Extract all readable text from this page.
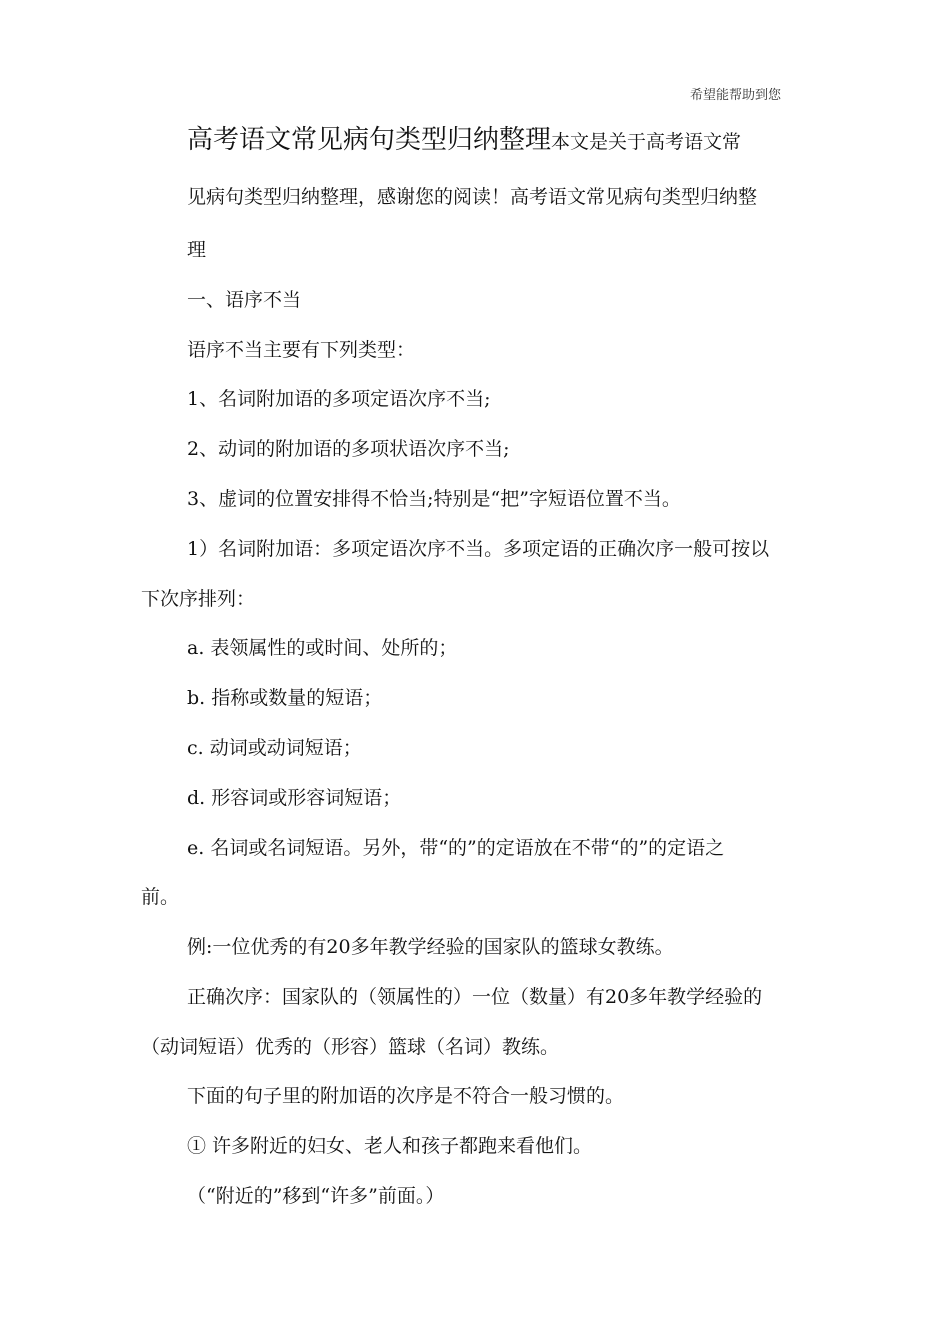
希望能帮助到您
高考语文常见病句类型归纳整理本文是关于高考语文常
见病句类型归纳整理，感谢您的阅读！高考语文常见病句类型归纳整
理
一、语序不当
语序不当主要有下列类型：
1、名词附加语的多项定语次序不当;
2、动词的附加语的多项状语次序不当;
3、虚词的位置安排得不恰当;特别是“把”字短语位置不当。
1）名词附加语：多项定语次序不当。多项定语的正确次序一般可按以
下次序排列：
a. 表领属性的或时间、处所的；
b. 指称或数量的短语；
c. 动词或动词短语；
d. 形容词或形容词短语；
e. 名词或名词短语。另外，带“的”的定语放在不带“的”的定语之
前。
例:一位优秀的有20多年教学经验的国家队的篮球女教练。
正确次序：国家队的（领属性的）一位（数量）有20多年教学经验的
（动词短语）优秀的（形容）篮球（名词）教练。
下面的句子里的附加语的次序是不符合一般习惯的。
① 许多附近的妇女、老人和孩子都跑来看他们。
（“附近的”移到“许多”前面。）
